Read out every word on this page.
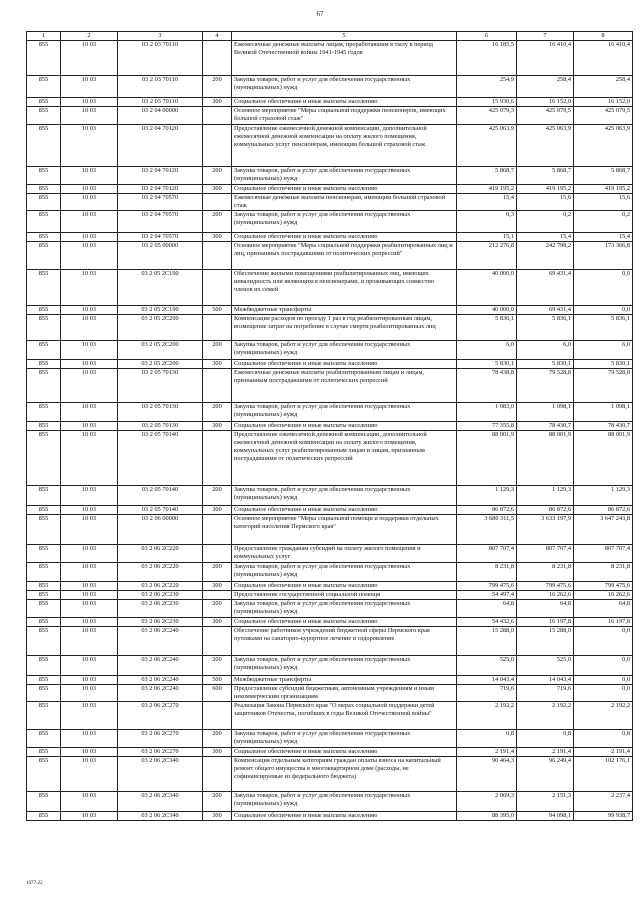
67
1	2	3	4	5	6	7	8
855	10 03	03 2 03 70110		Ежемесячные денежные выплаты лицам, проработавшим в тылу в период Великой Отечественной войны 1941-1945 годов	16 185,5	16 410,4	16 410,4
855	10 03	03 2 03 70110	200	Закупка товаров, работ и услуг для обеспечения государственных (муниципальных) нужд	254,9	258,4	258,4
855	10 03	03 2 03 70110	300	Социальное обеспечение и иные выплаты населению	15 930,6	16 152,0	16 152,0
855	10 03	03 2 04 00000		Основное мероприятие "Меры социальной поддержки пенсионеров, имеющих большой страховой стаж"	425 079,3	425 079,5	425 079,5
855	10 03	03 2 04 70120		Предоставление ежемесячной денежной компенсации, дополнительной ежемесячной денежной компенсации на оплату жилого помещения, коммунальных услуг пенсионерам, имеющим большой страховой стаж	425 063,9	425 063,9	425 063,9
855	10 03	03 2 04 70120	200	Закупка товаров, работ и услуг для обеспечения государственных (муниципальных) нужд	5 868,7	5 868,7	5 868,7
855	10 03	03 2 04 70120	300	Социальное обеспечение и иные выплаты населению	419 195,2	419 195,2	419 195,2
855	10 03	03 2 04 70570		Ежемесячные денежные выплаты пенсионерам, имеющим большой страховой стаж	15,4	15,6	15,6
855	10 03	03 2 04 70570	200	Закупка товаров, работ и услуг для обеспечения государственных (муниципальных) нужд	0,3	0,2	0,2
855	10 03	03 2 04 70570	300	Социальное обеспечение и иные выплаты населению	15,1	15,4	15,4
855	10 03	03 2 05 00000		Основное мероприятие "Меры социальной поддержки реабилитированных лиц и лиц, признанных пострадавшими от политических репрессий"	212 276,8	242 798,2	173 366,8
855	10 03	03 2 05 2C190		Обеспечение жилыми помещениями реабилитированных лиц, имеющих инвалидность или являющихся пенсионерами, и проживающих совместно членов их семей	40 000,0	69 431,4	0,0
855	10 03	03 2 05 2C190	500	Межбюджетные трансферты	40 000,0	69 431,4	0,0
855	10 03	03 2 05 2C200		Компенсация расходов по проезду 1 раз в год реабилитированным лицам, возмещение затрат на погребение в случае смерти реабилитированных лиц	5 836,1	5 836,1	5 836,1
855	10 03	03 2 05 2C200	200	Закупка товаров, работ и услуг для обеспечения государственных (муниципальных) нужд	6,0	6,0	6,0
855	10 03	03 2 05 2C200	300	Социальное обеспечение и иные выплаты населению	5 830,1	5 830,1	5 830,1
855	10 03	03 2 05 70130		Ежемесячные денежные выплаты реабилитированным лицам и лицам, признанным пострадавшими от политических репрессий	78 438,8	79 528,8	79 528,8
855	10 03	03 2 05 70130	200	Закупка товаров, работ и услуг для обеспечения государственных (муниципальных) нужд	1 083,0	1 098,1	1 098,1
855	10 03	03 2 05 70130	300	Социальное обеспечение и иные выплаты населению	77 355,8	78 430,7	78 430,7
855	10 03	03 2 05 70140		Предоставление ежемесячной денежной компенсации, дополнительной ежемесячной денежной компенсации на оплату жилого помещения, коммунальных услуг реабилитированным лицам и лицам, признанным пострадавшими от политических репрессий	88 001,9	88 001,9	88 001,9
855	10 03	03 2 05 70140	200	Закупка товаров, работ и услуг для обеспечения государственных (муниципальных) нужд	1 129,3	1 129,3	1 129,3
855	10 03	03 2 05 70140	300	Социальное обеспечение и иные выплаты населению	86 872,6	86 872,6	86 872,6
855	10 03	03 2 06 00000		Основное мероприятие "Меры социальной помощи и поддержки отдельных категорий населения Пермского края"	3 680 311,5	3 633 197,9	3 647 243,8
855	10 03	03 2 06 2C220		Предоставление гражданам субсидий на оплату жилого помещения и коммунальных услуг	807 707,4	807 707,4	807 707,4
855	10 03	03 2 06 2C220	200	Закупка товаров, работ и услуг для обеспечения государственных (муниципальных) нужд	8 231,8	8 231,8	8 231,8
855	10 03	03 2 06 2C220	300	Социальное обеспечение и иные выплаты населению	799 475,6	799 475,6	799 475,6
855	10 03	03 2 06 2C230		Предоставление государственной социальной помощи	54 497,4	16 262,6	16 262,6
855	10 03	03 2 06 2C230	200	Закупка товаров, работ и услуг для обеспечения государственных (муниципальных) нужд	64,8	64,8	64,8
855	10 03	03 2 06 2C230	300	Социальное обеспечение и иные выплаты населению	54 432,6	16 197,8	16 197,8
855	10 03	03 2 06 2C240		Обеспечение работников учреждений бюджетной сферы Пермского края путевками на санаторно-курортное лечение и оздоровление	15 288,0	15 288,0	0,0
855	10 03	03 2 06 2C240	200	Закупка товаров, работ и услуг для обеспечения государственных (муниципальных) нужд	525,0	525,0	0,0
855	10 03	03 2 06 2C240	500	Межбюджетные трансферты	14 043,4	14 043,4	0,0
855	10 03	03 2 06 2C240	600	Предоставление субсидий бюджетным, автономным учреждениям и иным некоммерческим организациям	719,6	719,6	0,0
855	10 03	03 2 06 2C270		Реализация Закона Пермского края "О мерах социальной поддержки детей защитников Отечества, погибших в годы Великой Отечественной войны"	2 192,2	2 192,2	2 192,2
855	10 03	03 2 06 2C270	200	Закупка товаров, работ и услуг для обеспечения государственных (муниципальных) нужд	0,8	0,8	0,8
855	10 03	03 2 06 2C270	300	Социальное обеспечение и иные выплаты населению	2 191,4	2 191,4	2 191,4
855	10 03	03 2 06 2C340		Компенсация отдельным категориям граждан оплаты взноса на капитальный ремонт общего имущества в многоквартирном доме (расходы, не софинансируемые из федерального бюджета)	90 464,3	96 249,4	102 176,1
855	10 03	03 2 06 2C340	200	Закупка товаров, работ и услуг для обеспечения государственных (муниципальных) нужд	2 069,3	2 151,3	2 237,4
855	10 03	03 2 06 2C340	300	Социальное обеспечение и иные выплаты населению	88 395,0	94 098,1	99 938,7
1077-22
